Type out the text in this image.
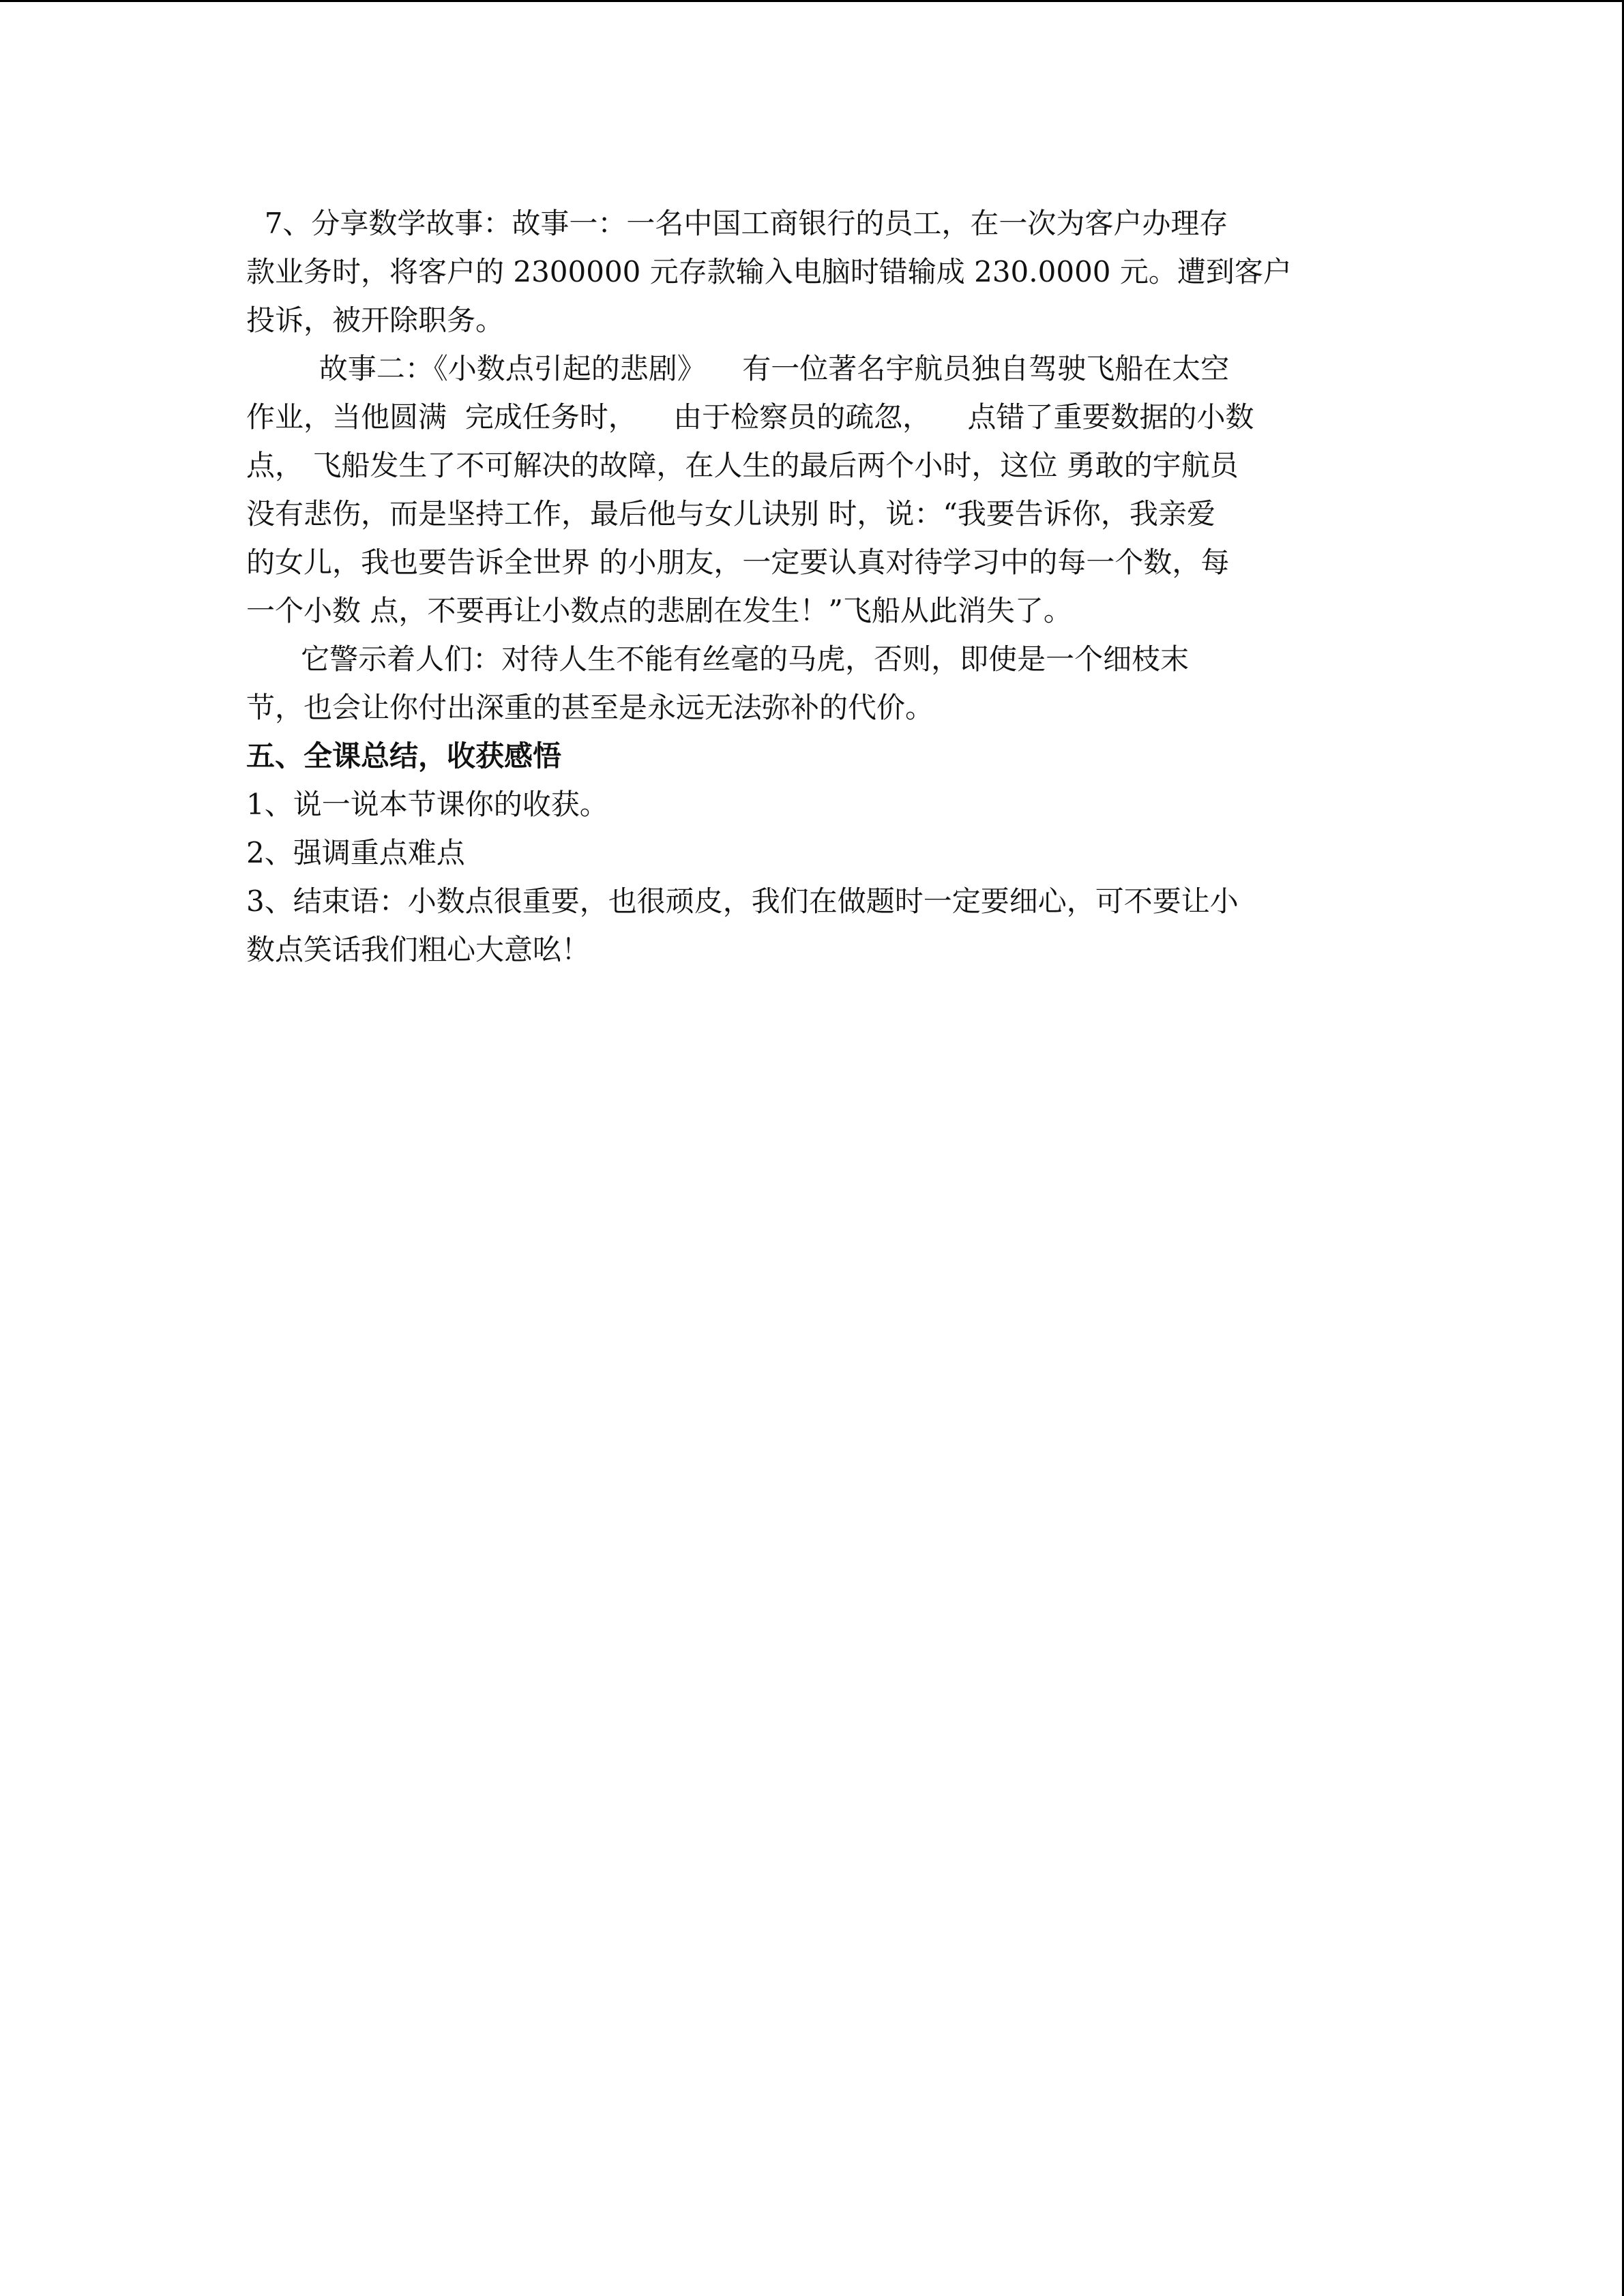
7、分享数学故事：故事一：一名中国工商银行的员工，在一次为客户办理存
款业务时，将客户的 2300000 元存款输入电脑时错输成 230.0000 元。遭到客户
投诉，被开除职务。
故事二：《小数点引起的悲剧》    有一位著名宇航员独自驾驶飞船在太空
作业，当他圆满  完成任务时，    由于检察员的疏忽，    点错了重要数据的小数
点， 飞船发生了不可解决的故障，在人生的最后两个小时，这位 勇敢的宇航员
没有悲伤，而是坚持工作，最后他与女儿诀别 时，说：“我要告诉你，我亲爱
的女儿，我也要告诉全世界 的小朋友，一定要认真对待学习中的每一个数，每
一个小数 点，不要再让小数点的悲剧在发生！”飞船从此消失了。
它警示着人们：对待人生不能有丝毫的马虎，否则，即使是一个细枝末
节，也会让你付出深重的甚至是永远无法弥补的代价。
五、全课总结，收获感悟
1、说一说本节课你的收获。
2、强调重点难点
3、结束语：小数点很重要，也很顽皮，我们在做题时一定要细心，可不要让小
数点笑话我们粗心大意吆！
